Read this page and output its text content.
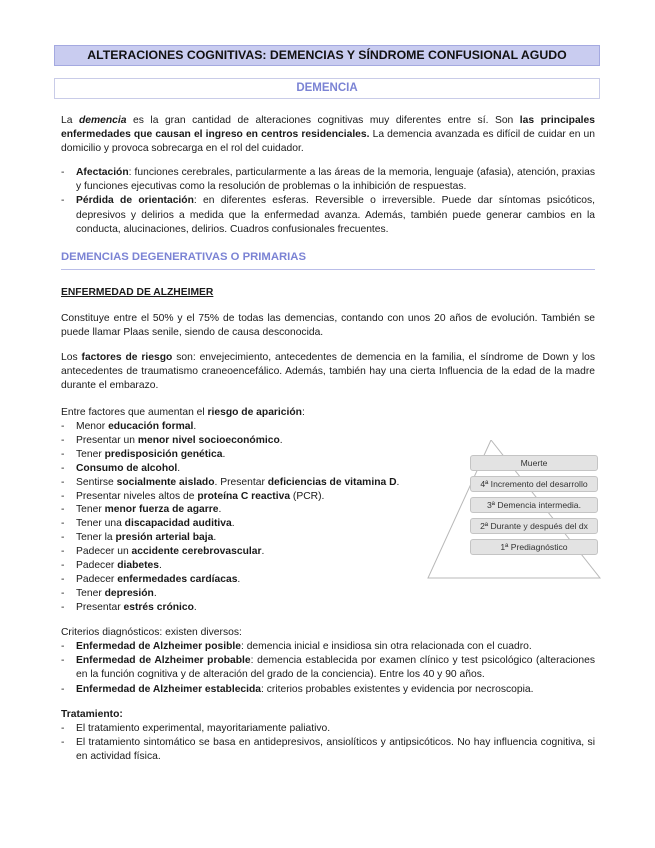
ALTERACIONES COGNITIVAS: DEMENCIAS Y SÍNDROME CONFUSIONAL AGUDO
DEMENCIA

La demencia es la gran cantidad de alteraciones cognitivas muy diferentes entre sí. Son las principales enfermedades que causan el ingreso en centros residenciales. La demencia avanzada es difícil de cuidar en un domicilio y provoca sobrecarga en el rol del cuidador.

- Afectación: funciones cerebrales, particularmente a las áreas de la memoria, lenguaje (afasia), atención, praxias y funciones ejecutivas como la resolución de problemas o la inhibición de respuestas.

- Pérdida de orientación: en diferentes esferas. Reversible o irreversible. Puede dar síntomas psicóticos, depresivos y delirios a medida que la enfermedad avanza. Además, también puede generar cambios en la conducta, alucinaciones, delirios. Cuadros confusionales frecuentes.

DEMENCIAS DEGENERATIVAS O PRIMARIAS
ENFERMEDAD DE ALZHEIMER

Constituye entre el 50% y el 75% de todas las demencias, contando con unos 20 años de evolución. También se puede llamar Plaas senile, siendo de causa desconocida.

Los factores de riesgo son: envejecimiento, antecedentes de demencia en la familia, el síndrome de Down y los antecedentes de traumatismo craneoencefálico. Además, también hay una cierta Influencia de la edad de la madre durante el embarazo.

Entre factores que aumentan el riesgo de aparición:
- Menor educación formal.
- Presentar un menor nivel socioeconómico.
- Tener predisposición genética.
- Consumo de alcohol.
- Sentirse socialmente aislado. Presentar deficiencias de vitamina D.
- Presentar niveles altos de proteína C reactiva (PCR).
- Tener menor fuerza de agarre.
- Tener una discapacidad auditiva.
- Tener la presión arterial baja.
- Padecer un accidente cerebrovascular.
- Padecer diabetes.
- Padecer enfermedades cardíacas.
- Tener depresión.
- Presentar estrés crónico.
Muerte
4ª Incremento del desarrollo
3ª Demencia intermedia.
2ª Durante y después del dx
1ª Prediagnóstico
Criterios diagnósticos: existen diversos:

- Enfermedad de Alzheimer posible: demencia inicial e insidiosa sin otra relacionada con el cuadro.

- Enfermedad de Alzheimer probable: demencia establecida por examen clínico y test psicológico (alteraciones en la función cognitiva y de alteración del grado de la conciencia). Entre los 40 y 90 años.

- Enfermedad de Alzheimer establecida: criterios probables existentes y evidencia por necroscopia.

Tratamiento:

- El tratamiento experimental, mayoritariamente paliativo.

- El tratamiento sintomático se basa en antidepresivos, ansiolíticos y antipsicóticos. No hay influencia cognitiva, si en actividad física.
